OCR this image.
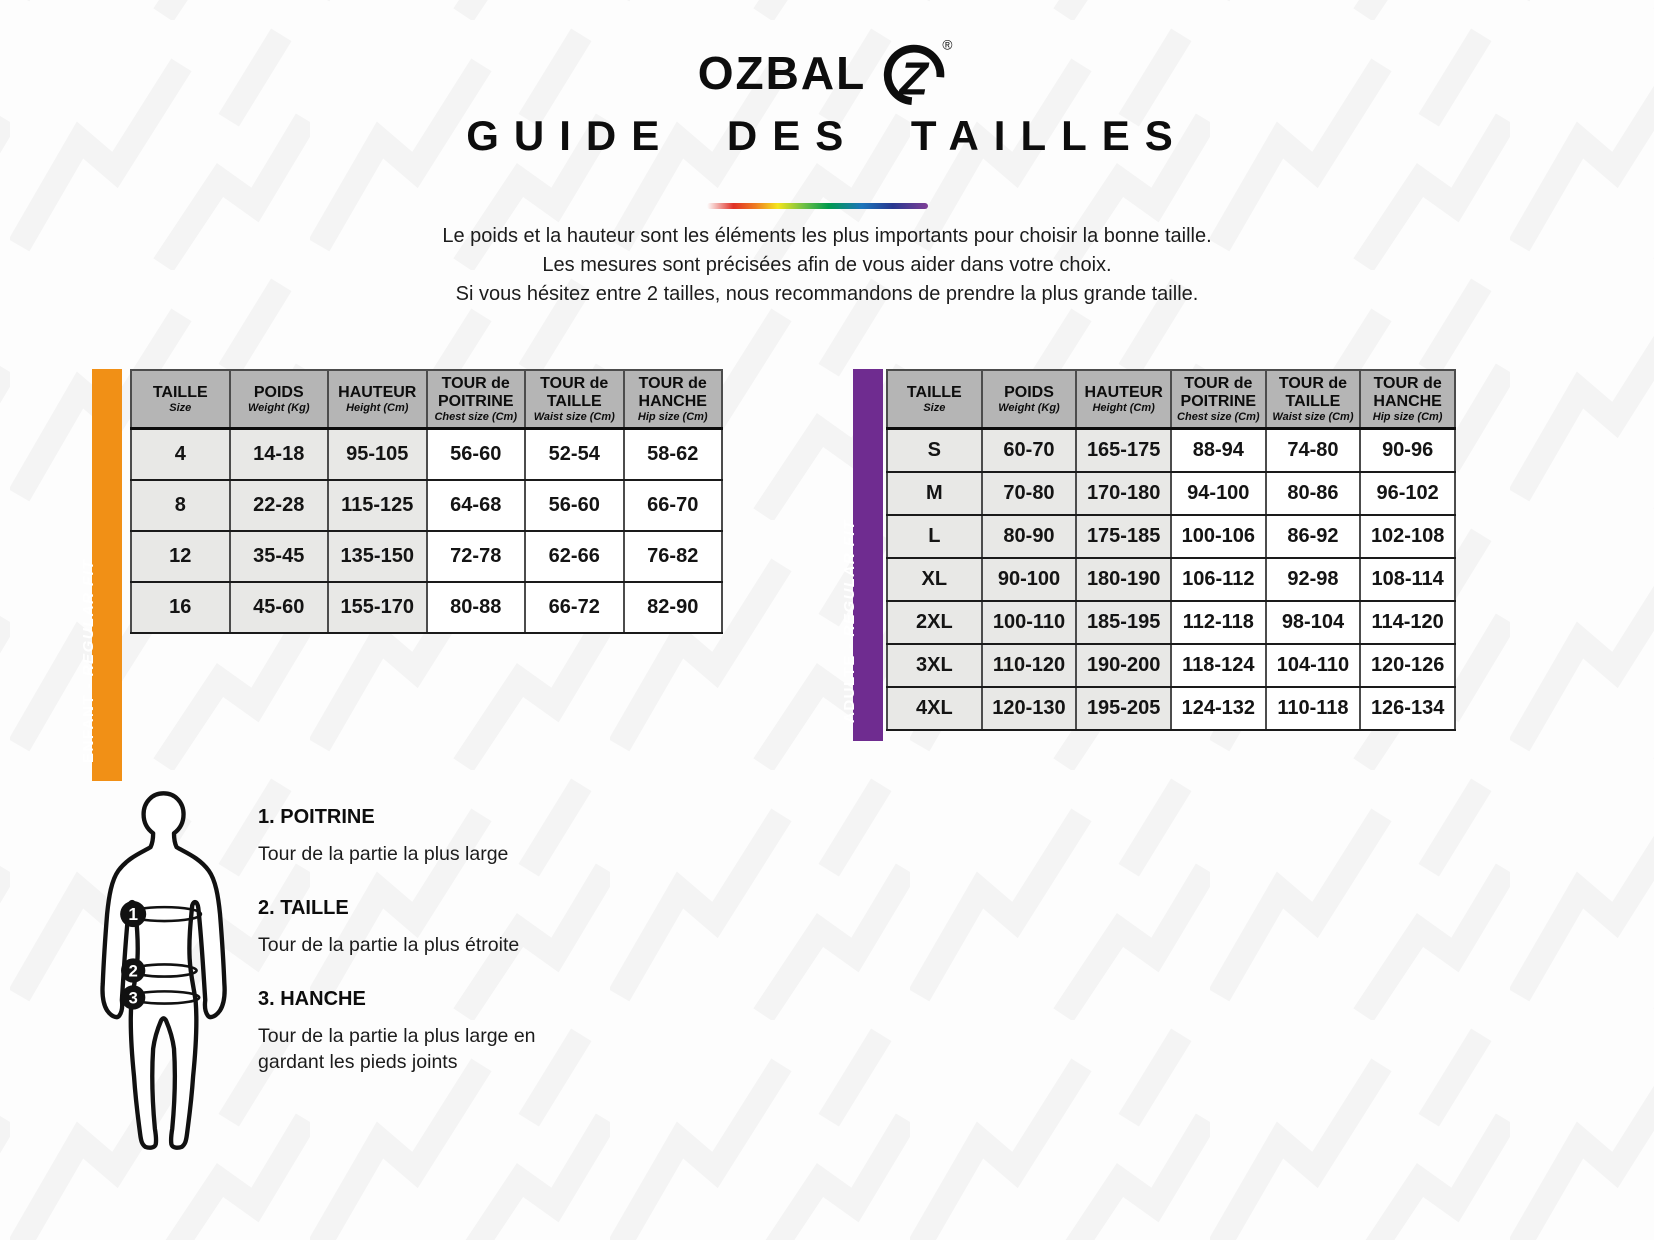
OZBAL Z
®
GUIDE DES TAILLES

Le poids et la hauteur sont les éléments les plus importants pour choisir la bonne taille.
Les mesures sont précisées afin de vous aider dans votre choix.
Si vous hésitez entre 2 tailles, nous recommandons de prendre la plus grande taille.

ENFANT - REGULAR FIT
TAILLE
Size

POIDS
Weight (Kg)

HAUTEUR
Height (Cm)

TOUR de POITRINE
Chest size (Cm)

TOUR de TAILLE
Waist size (Cm)

TOUR de HANCHE
Hip size (Cm)

4	14-18	95-105	56-60	52-54	58-62
8	22-28	115-125	64-68	56-60	66-70
12	35-45	135-150	72-78	62-66	76-82
16	45-60	155-170	80-88	66-72	82-90
ADULTE - REGULAR FIT
TAILLE
Size

POIDS
Weight (Kg)

HAUTEUR
Height (Cm)

TOUR de POITRINE
Chest size (Cm)

TOUR de TAILLE
Waist size (Cm)

TOUR de HANCHE
Hip size (Cm)

S	60-70	165-175	88-94	74-80	90-96
M	70-80	170-180	94-100	80-86	96-102
L	80-90	175-185	100-106	86-92	102-108
XL	90-100	180-190	106-112	92-98	108-114
2XL	100-110	185-195	112-118	98-104	114-120
3XL	110-120	190-200	118-124	104-110	120-126
4XL	120-130	195-205	124-132	110-118	126-134
1
2
3

1. POITRINE

Tour de la partie la plus large

2. TAILLE

Tour de la partie la plus étroite

3. HANCHE

Tour de la partie la plus large en gardant les pieds joints
